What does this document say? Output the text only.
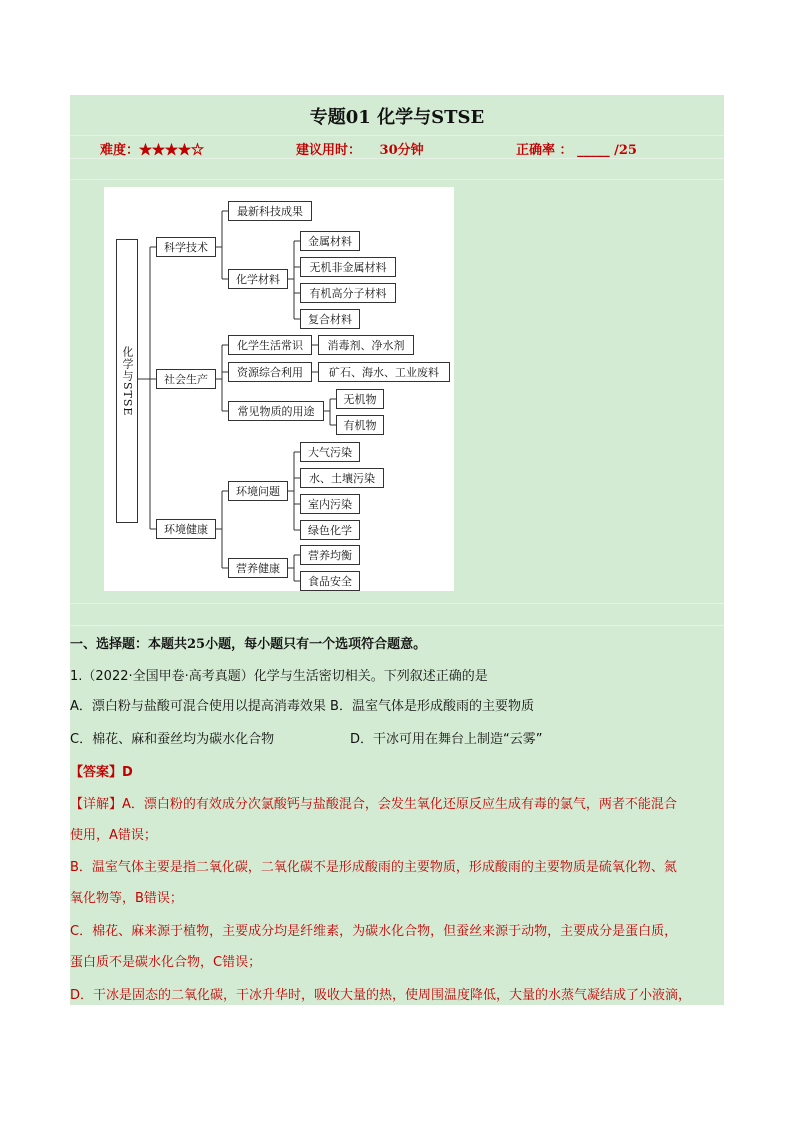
专题01 化学与STSE
难度：★★★★☆	建议用时： 30分钟	正确率 ： _____ /25
化学与STSE
科学技术
最新科技成果
化学材料
金属材料
无机非金属材料
有机高分子材料
复合材料
社会生产
化学生活常识	消毒剂、净水剂
资源综合利用	矿石、海水、工业废料
常见物质的用途
无机物
有机物
环境健康
环境问题
大气污染
水、土壤污染
室内污染
绿色化学
营养健康
营养均衡
食品安全
一、选择题：本题共25小题，每小题只有一个选项符合题意。
1.（2022·全国甲卷·高考真题）化学与生活密切相关。下列叙述正确的是
A．漂白粉与盐酸可混合使用以提高消毒效果 B．温室气体是形成酸雨的主要物质
C．棉花、麻和蚕丝均为碳水化合物	D．干冰可用在舞台上制造“云雾”
【答案】D
【详解】A．漂白粉的有效成分次氯酸钙与盐酸混合，会发生氧化还原反应生成有毒的氯气，两者不能混合
使用，A错误；
B．温室气体主要是指二氧化碳，二氧化碳不是形成酸雨的主要物质，形成酸雨的主要物质是硫氧化物、氮
氧化物等，B错误；
C．棉花、麻来源于植物，主要成分均是纤维素，为碳水化合物，但蚕丝来源于动物，主要成分是蛋白质，
蛋白质不是碳水化合物，C错误；
D．干冰是固态的二氧化碳，干冰升华时，吸收大量的热，使周围温度降低，大量的水蒸气凝结成了小液滴，
